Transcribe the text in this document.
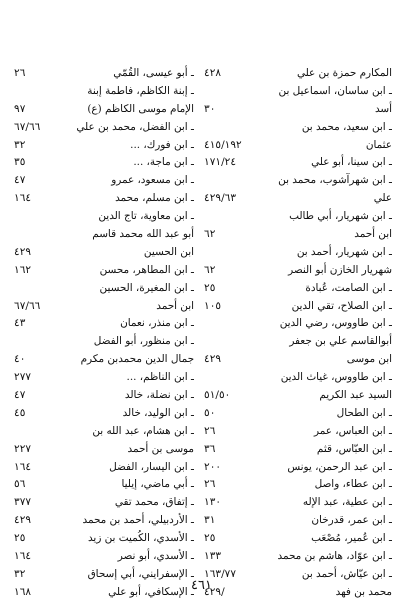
٤٢٨	المكارم حمزة بن علي
ـ ابن ساسان، اسماعيل بن
٣٠	أسد
ـ ابن سعيد، محمد بن
٤١٥/١٩٢	عثمان
١٧١/٢٤	ـ ابن سينا، أبو علي
ـ ابن شهرآشوب، محمد بن
٤٢٩/٦٣	علي
ـ ابن شهريار، أبي طالب
٦٢	ابن أحمد
ـ ابن شهريار، أحمد بن
٦٢	شهريار الخازن أبو النصر
٢٥	ـ ابن الصامت، عُبادة
١٠٥	ـ ابن الصلاح، تقي الدين
ـ ابن طاووس، رضي الدين
أبوالقاسم علي بن جعفر
٤٢٩	ابن موسى
ـ ابن طاووس، غياث الدين
٥١/٥٠	السيد عبد الكريم
٥٠	ـ ابن الطحال
٢٦	ـ ابن العباس، عمر
٣٦	ـ ابن العبّاس، قثم
٢٠٠	ـ ابن عبد الرحمن، يونس
٢٦	ـ ابن عطاء، واصل
١٣٠	ـ ابن عطية، عبد الإله
٣١	ـ ابن عمر، قدرخان
٢٥	ـ ابن عُمير، مُصْعَب
١٣٣	ـ ابن عوّاد، هاشم بن محمد
١٦٣/٧٧	ـ ابن عيّاش، أحمد بن
٤٢٩/	محمد بن فهد
٢٦	ـ أبو عيسى، القُمّي
ـ إبنة الكاظم، فاطمة إبنة
٩٧	الإمام موسى الكاظم (ع)
٦٧/٦٦	ـ ابن الفضل، محمد بن علي
٣٢	ـ ابن فورك، ...
٣٥	ـ ابن ماجة، ...
٤٧	ـ ابن مسعود، عمرو
١٦٤	ـ ابن مسلم، محمد
ـ ابن معاوية، تاج الدين
أبو عبد الله محمد قاسم
٤٢٩	ابن الحسين
١٦٢	ـ ابن المطاهر، محسن
ـ ابن المغيرة، الحسين
٦٧/٦٦	ابن أحمد
٤٣	ـ ابن منذر، نعمان
ـ ابن منظور، أبو الفضل
٤٠	جمال الدين محمدبن مكرم
٢٧٧	ـ ابن الناظم، ...
٤٧	ـ ابن نضلة، خالد
٤٥	ـ ابن الوليد، خالد
ـ ابن هشام، عبد الله بن
٢٢٧	موسى بن أحمد
١٦٤	ـ ابن اليسار، الفضل
٥٦	ـ أبي ماضي، إيليا
٣٧٧	ـ إتفاق، محمد تقي
٤٢٩	ـ الأردبيلي، أحمد بن محمد
٢٥	ـ الأسدي، الكُميت بن زيد
١٦٤	ـ الأسدي، أبو نصر
٣٢	ـ الإسفرايني، أبي إسحاق
١٦٨	ـ الإسكافي، أبو علي ٤٦١
